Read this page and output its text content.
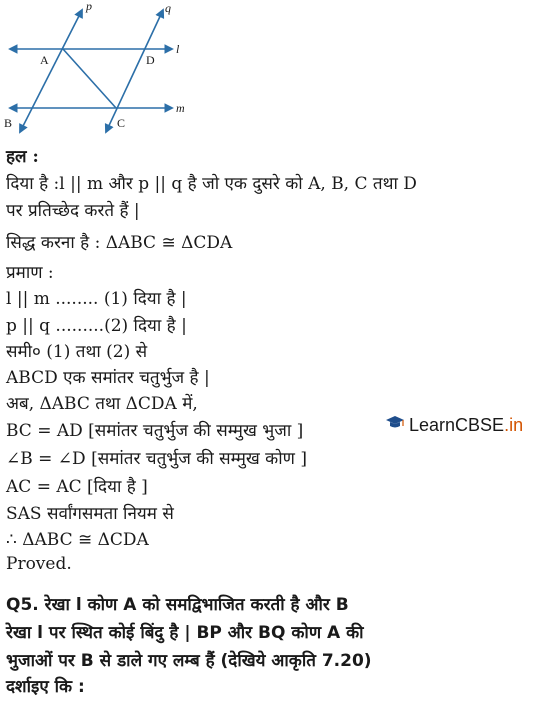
p	q
l
m
A	D
B	C
हल :
दिया है :l || m और p || q है जो एक दुसरे को A, B, C तथा D
पर प्रतिच्छेद करते हैं |
सिद्ध करना है : ΔABC ≅ ΔCDA
प्रमाण :
l || m ........ (1) दिया है |
p || q .........(2) दिया है |
समी० (1) तथा (2) से
ABCD एक समांतर चतुर्भुज है |
अब, ΔABC तथा ΔCDA में,
BC = AD [समांतर चतुर्भुज की सम्मुख भुजा ]
∠B = ∠D [समांतर चतुर्भुज की सम्मुख कोण ]
AC = AC [दिया है ]
SAS सर्वांगसमता नियम से
∴ ΔABC ≅ ΔCDA
Proved.
Q5. रेखा l कोण A को समद्विभाजित करती है और B
रेखा l पर स्थित कोई बिंदु है | BP और BQ कोण A की
भुजाओं पर B से डाले गए लम्ब हैं (देखिये आकृति 7.20)
दर्शाइए कि :
LearnCBSE.in
